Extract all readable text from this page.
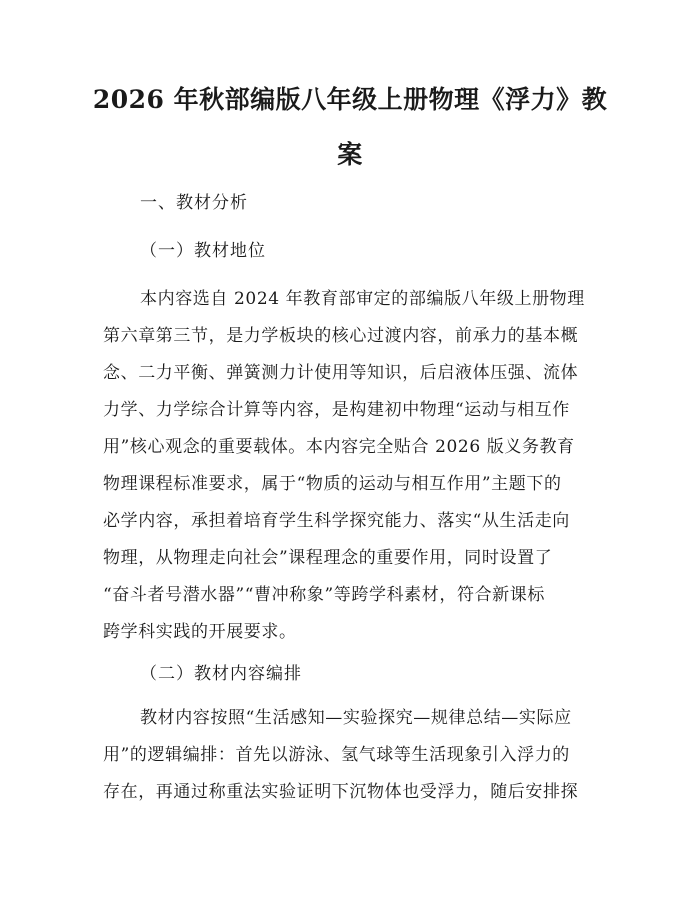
2026 年秋部编版八年级上册物理《浮力》教
案
一、教材分析
（一）教材地位
本内容选自 2024 年教育部审定的部编版八年级上册物理
第六章第三节，是力学板块的核心过渡内容，前承力的基本概
念、二力平衡、弹簧测力计使用等知识，后启液体压强、流体
力学、力学综合计算等内容，是构建初中物理“运动与相互作
用”核心观念的重要载体。本内容完全贴合 2026 版义务教育
物理课程标准要求，属于“物质的运动与相互作用”主题下的
必学内容，承担着培育学生科学探究能力、落实“从生活走向
物理，从物理走向社会”课程理念的重要作用，同时设置了
“奋斗者号潜水器”“曹冲称象”等跨学科素材，符合新课标
跨学科实践的开展要求。
（二）教材内容编排
教材内容按照“生活感知—实验探究—规律总结—实际应
用”的逻辑编排：首先以游泳、氢气球等生活现象引入浮力的
存在，再通过称重法实验证明下沉物体也受浮力，随后安排探
